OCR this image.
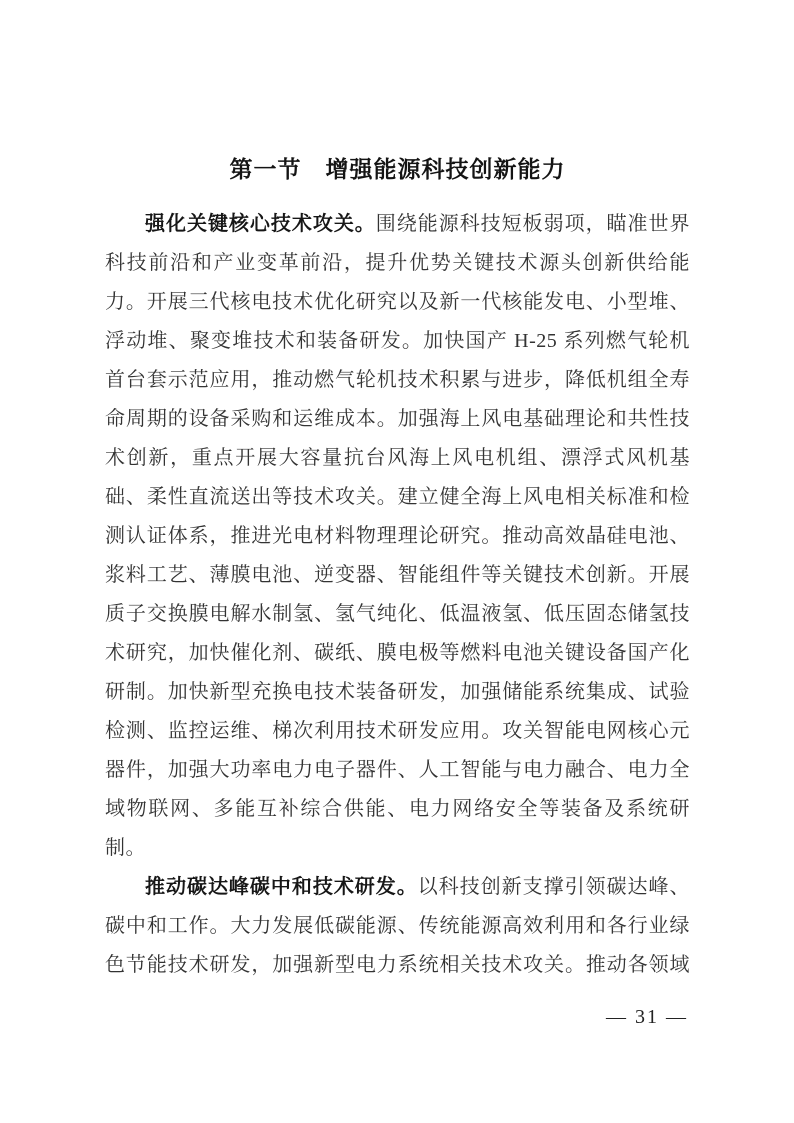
第一节　增强能源科技创新能力
强化关键核心技术攻关。围绕能源科技短板弱项，瞄准世界
科技前沿和产业变革前沿，提升优势关键技术源头创新供给能
力。开展三代核电技术优化研究以及新一代核能发电、小型堆、
浮动堆、聚变堆技术和装备研发。加快国产 H-25 系列燃气轮机
首台套示范应用，推动燃气轮机技术积累与进步，降低机组全寿
命周期的设备采购和运维成本。加强海上风电基础理论和共性技
术创新，重点开展大容量抗台风海上风电机组、漂浮式风机基
础、柔性直流送出等技术攻关。建立健全海上风电相关标准和检
测认证体系，推进光电材料物理理论研究。推动高效晶硅电池、
浆料工艺、薄膜电池、逆变器、智能组件等关键技术创新。开展
质子交换膜电解水制氢、氢气纯化、低温液氢、低压固态储氢技
术研究，加快催化剂、碳纸、膜电极等燃料电池关键设备国产化
研制。加快新型充换电技术装备研发，加强储能系统集成、试验
检测、监控运维、梯次利用技术研发应用。攻关智能电网核心元
器件，加强大功率电力电子器件、人工智能与电力融合、电力全
域物联网、多能互补综合供能、电力网络安全等装备及系统研
制。
推动碳达峰碳中和技术研发。以科技创新支撑引领碳达峰、
碳中和工作。大力发展低碳能源、传统能源高效利用和各行业绿
色节能技术研发，加强新型电力系统相关技术攻关。推动各领域
— 31 —
